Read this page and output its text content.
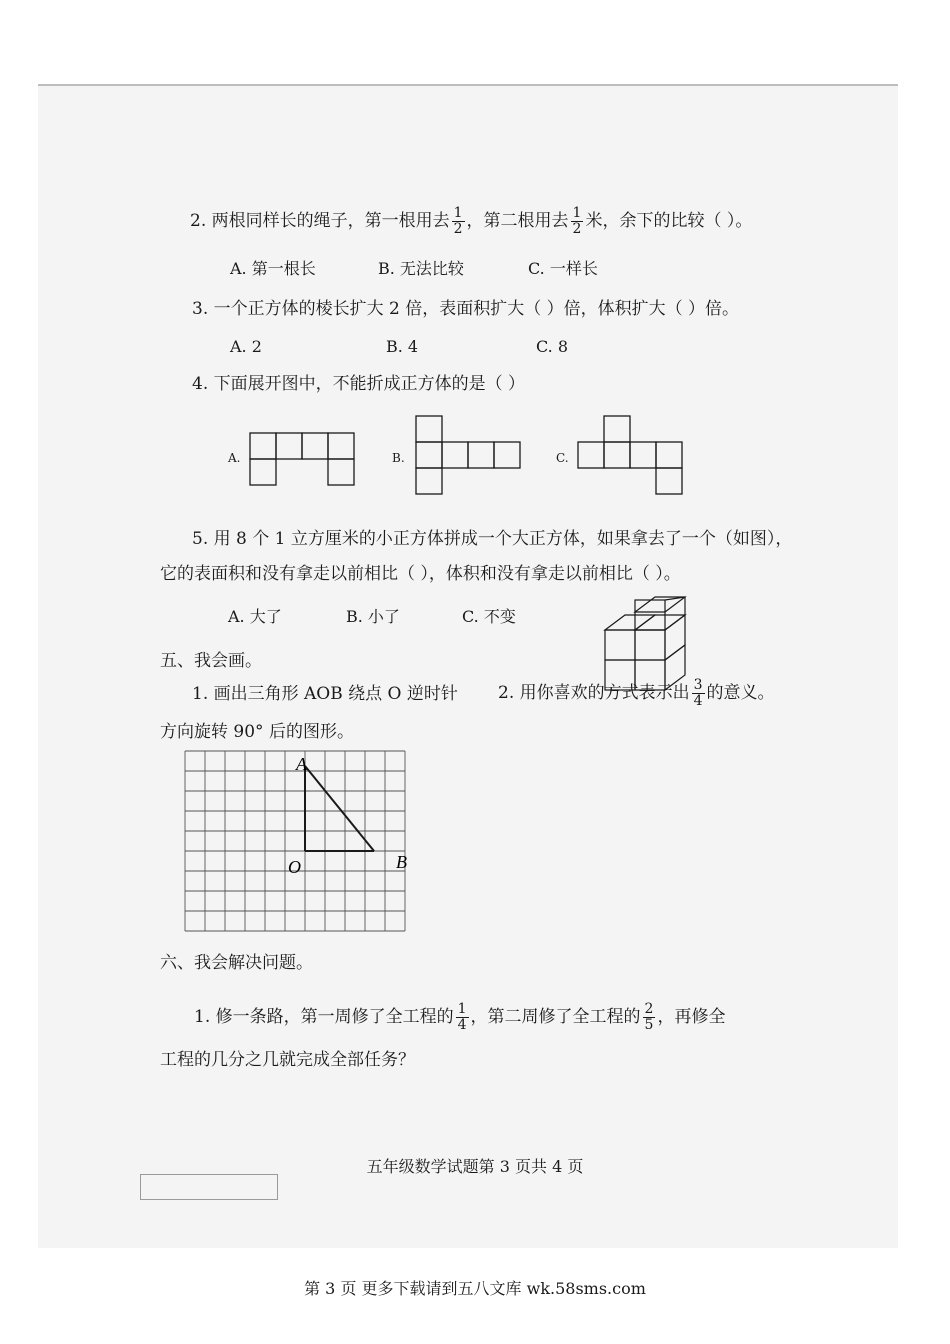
2. 两根同样长的绳子，第一根用去 $\frac{1}{2}$ ，第二根用去 $\frac{1}{2}$ 米，余下的比较（ ）。
A. 第一根长	B. 无法比较	C. 一样长
3. 一个正方体的棱长扩大 2 倍，表面积扩大（ ）倍，体积扩大（ ）倍。
A. 2	B. 4	C. 8
4. 下面展开图中，不能折成正方体的是（ ）
A.	B.	C.
5. 用 8 个 1 立方厘米的小正方体拼成一个大正方体，如果拿去了一个（如图），
它的表面积和没有拿走以前相比（ ），体积和没有拿走以前相比（ ）。
A. 大了	B. 小了	C. 不变
五、我会画。
1. 画出三角形 AOB 绕点 O 逆时针
方向旋转 90° 后的图形。
2. 用你喜欢的方式表示出 $\frac{3}{4}$ 的意义。
A
O	B
六、我会解决问题。
1. 修一条路，第一周修了全工程的 $\frac{1}{4}$ ，第二周修了全工程的 $\frac{2}{5}$ ，再修全
工程的几分之几就完成全部任务？
五年级数学试题第 3 页共 4 页
第 3 页 更多下载请到五八文库 wk.58sms.com
